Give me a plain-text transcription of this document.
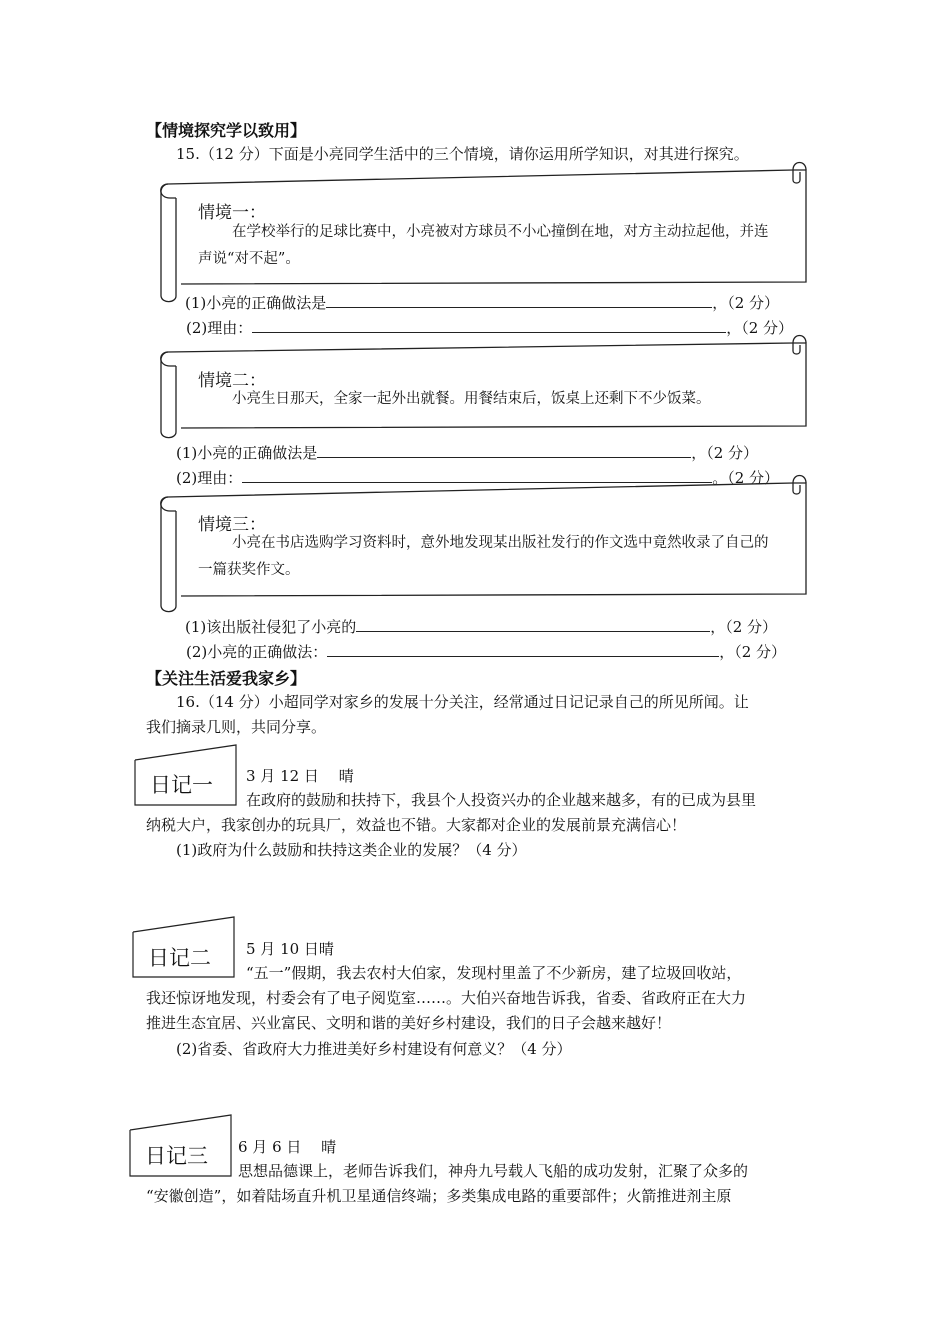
【情境探究学以致用】
15.（12 分）下面是小亮同学生活中的三个情境，请你运用所学知识，对其进行探究。
情境一：
在学校举行的足球比赛中，小亮被对方球员不小心撞倒在地，对方主动拉起他，并连声说“对不起”。
(1)小亮的正确做法是	，（2 分）
(2)理由：	，（2 分）
情境二：
小亮生日那天，全家一起外出就餐。用餐结束后，饭桌上还剩下不少饭菜。
(1)小亮的正确做法是	，（2 分）
(2)理由：	。（2 分）
情境三：
小亮在书店选购学习资料时，意外地发现某出版社发行的作文选中竟然收录了自己的一篇获奖作文。
(1)该出版社侵犯了小亮的	，（2 分）
(2)小亮的正确做法：	，（2 分）
【关注生活爱我家乡】
16.（14 分）小超同学对家乡的发展十分关注，经常通过日记记录自己的所见所闻。让
我们摘录几则，共同分享。
日记一 3 月 12 日　 晴
在政府的鼓励和扶持下，我县个人投资兴办的企业越来越多，有的已成为县里
纳税大户，我家创办的玩具厂，效益也不错。大家都对企业的发展前景充满信心！
(1)政府为什么鼓励和扶持这类企业的发展？（4 分）
日记二 5 月 10 日晴
“五一”假期，我去农村大伯家，发现村里盖了不少新房，建了垃圾回收站，
我还惊讶地发现，村委会有了电子阅览室……。大伯兴奋地告诉我，省委、省政府正在大力
推进生态宜居、兴业富民、文明和谐的美好乡村建设，我们的日子会越来越好！
(2)省委、省政府大力推进美好乡村建设有何意义？（4 分）
日记三 6 月 6 日　 晴
思想品德课上，老师告诉我们，神舟九号载人飞船的成功发射，汇聚了众多的
“安徽创造”，如着陆场直升机卫星通信终端；多类集成电路的重要部件；火箭推进剂主原
